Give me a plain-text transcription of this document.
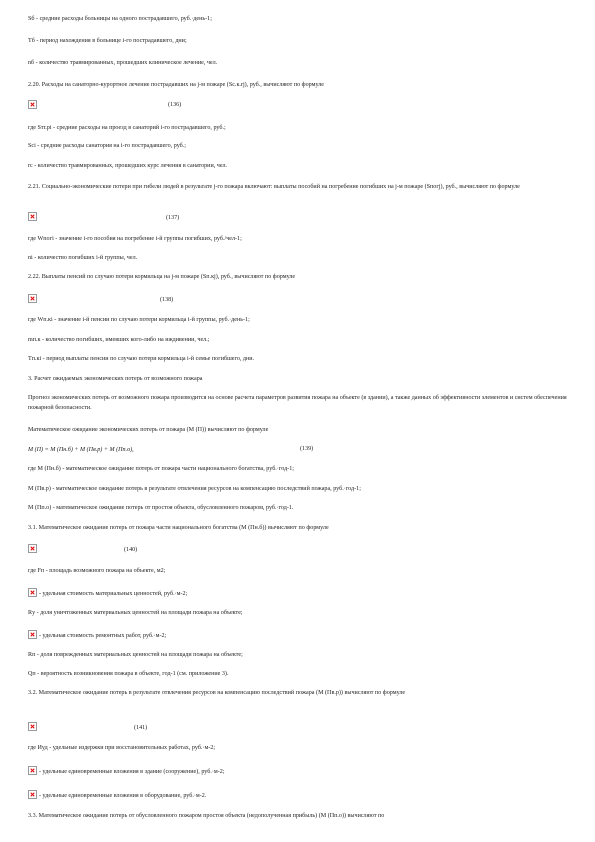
Sб - средние расходы больницы на одного пострадавшего, руб.·день-1;
Tб - период нахождения в больнице i-го пострадавшего, дни;
nб - количество травмированных, прошедших клиническое лечение, чел.
2.20. Расходы на санаторно-курортное лечение пострадавших на j-м пожаре (Sс.к.rj), руб., вычисляют по формуле
(136)
где Sтr.рi - средние расходы на проезд в санаторий i-го пострадавшего, руб.;
Sсi - средние расходы санатория на i-го пострадавшего, руб.;
rс - количество травмированных, прошедших курс лечения в санатории, чел.
2.21. Социально-экономические потери при гибели людей в результате j-го пожара включают: выплаты пособий на погребение погибших на j-м пожаре (Sпогj), руб., вычисляют по формуле
(137)
где Wпогi - значение i-го пособия на погребение i-й группы погибших, руб./чел-1;
ni - количество погибших i-й группы, чел.
2.22. Выплаты пенсий по случаю потери кормильца на j-м пожаре (Sп.кj), руб., вычисляют по формуле
(138)
где Wп.кi - значение i-й пенсии по случаю потери кормильца i-й группы, руб.·день-1;
mп.к - количество погибших, имевших кого-либо на иждивении, чел.;
Tп.кi - период выплаты пенсии по случаю потери кормильца i-й семье погибшего, дни.
3. Расчет ожидаемых экономических потерь от возможного пожара
Прогноз экономических потерь от возможного пожара производится на основе расчета параметров развития пожара на объекте (в здании), а также данных об эффективности элементов и систем обеспечения пожарной безопасности.
Математическое ожидание экономических потерь от пожара (М (П)) вычисляют по формуле
М (П) = М (Пн.б) + М (Пв.р) + М (Пп.о),	(139)
где М (Пн.б) - математическое ожидание потерь от пожара части национального богатства, руб.·год-1;
М (Пв.р) - математическое ожидание потерь в результате отвлечения ресурсов на компенсацию последствий пожара, руб.·год-1;
М (Пп.о) - математическое ожидание потерь от простоя объекта, обусловленного пожаром, руб.·год-1.
3.1. Математическое ожидание потерь от пожара части национального богатства (М (Пн.б)) вычисляют по формуле
(140)
где Fп - площадь возможного пожара на объекте, м2;
- удельная стоимость материальных ценностей, руб.·м-2;
Rу - доля уничтоженных материальных ценностей на площади пожара на объекте;
- удельная стоимость ремонтных работ, руб.·м-2;
Rп - доля поврежденных материальных ценностей на площади пожара на объекте;
Qп - вероятность возникновения пожара в объекте, год-1 (см. приложение 3).
3.2. Математическое ожидание потерь в результате отвлечения ресурсов на компенсацию последствий пожара (М (Пв.р)) вычисляют по формуле
(141)
где Иуд - удельные издержки при восстановительных работах, руб.·м-2;
- удельные единовременные вложения в здание (сооружение), руб.·м-2;
- удельные единовременные вложения в оборудование, руб.·м-2.
3.3. Математическое ожидание потерь от обусловленного пожаром простоя объекта (недополученная прибыль) (М (Пп.о)) вычисляют по
